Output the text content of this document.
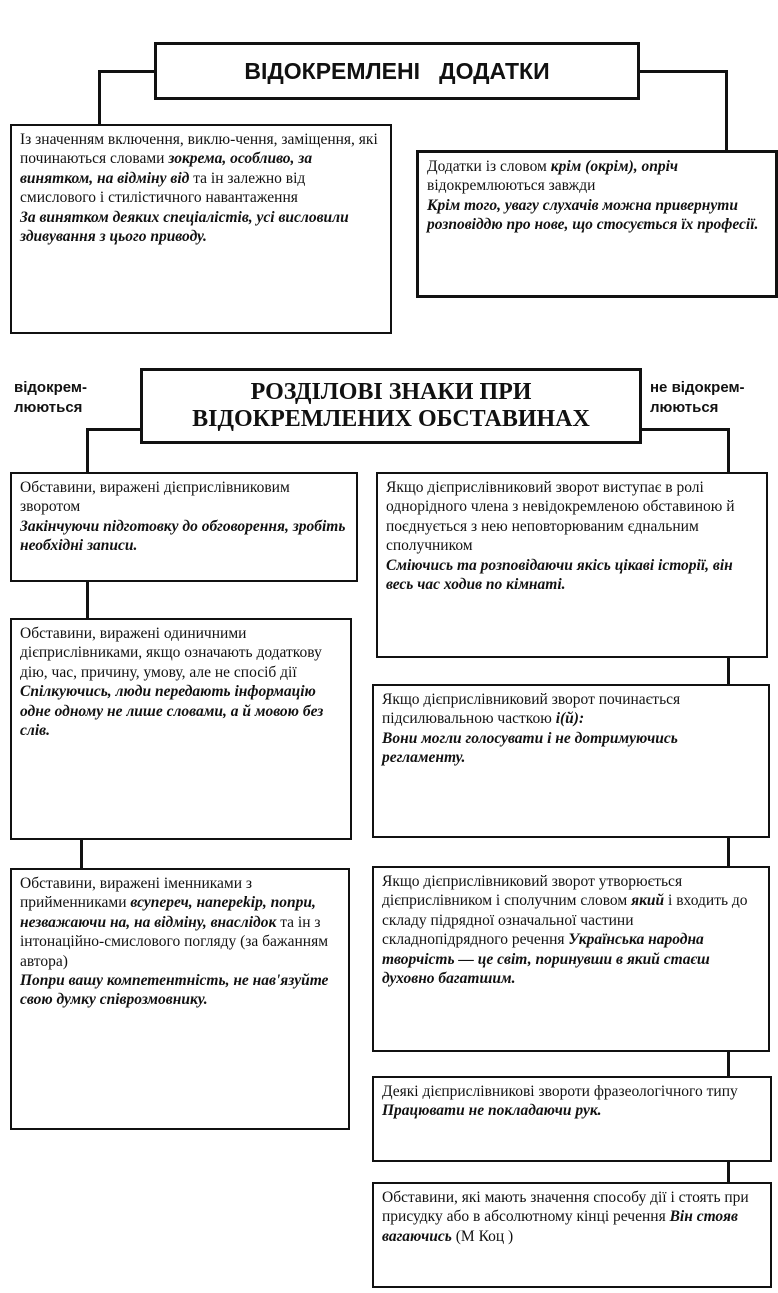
ВІДОКРЕМЛЕНІ   ДОДАТКИ
Із значенням включення, виклю-чення, заміщення, які починаються словами зокрема, особливо, за винятком, на відміну від та ін залежно від смислового і стилістичного навантаження
За винятком деяких спеціалістів, усі висловили здивування з цього приводу.
Додатки із словом крім (окрім), опріч відокремлюються завжди
Крім того, увагу слухачів можна привернути розповіддю про нове, що стосується їх професії.
відокрем-
люються
не відокрем-
люються
РОЗДІЛОВІ ЗНАКИ ПРИ
ВІДОКРЕМЛЕНИХ ОБСТАВИНАХ
Обставини, виражені дієприслівниковим зворотом
Закінчуючи підготовку до обговорення, зробіть необхідні записи.
Обставини, виражені одиничними дієприслівниками, якщо означають додаткову дію, час, причину, умову, але не спосіб дії
Спілкуючись, люди передають інформацію одне одному не лише словами, а й мовою без слів.
Обставини, виражені іменниками з прийменниками всупереч, напереkір, попри, незважаючи на, на відміну, внаслідок та ін з інтонаційно-смислового погляду (за бажанням автора)
Попри вашу компетентність, не нав'язуйте свою думку співрозмовнику.
Якщо дієприслівниковий зворот виступає в ролі однорідного члена з невідокремленою обставиною й поєднується з нею неповторюваним єднальним сполучником
Сміючись та розповідаючи якісь цікаві історії, він весь час ходив по кімнаті.
Якщо дієприслівниковий зворот починається підсилювальною часткою і(й):
Вони могли голосувати і не дотримуючись регламенту.
Якщо дієприслівниковий зворот утворюється дієприслівником і сполучним словом який і входить до складу підрядної означальної частини складнопідрядного речення Українська народна творчість — це світ, поринувши в який стаєш духовно багатшим.
Деякі дієприслівникові звороти фразеологічного типу
Працювати не покладаючи рук.
Обставини, які мають значення способу дії і стоять при присудку або в абсолютному кінці речення Він стояв вагаючись (М Коц )
